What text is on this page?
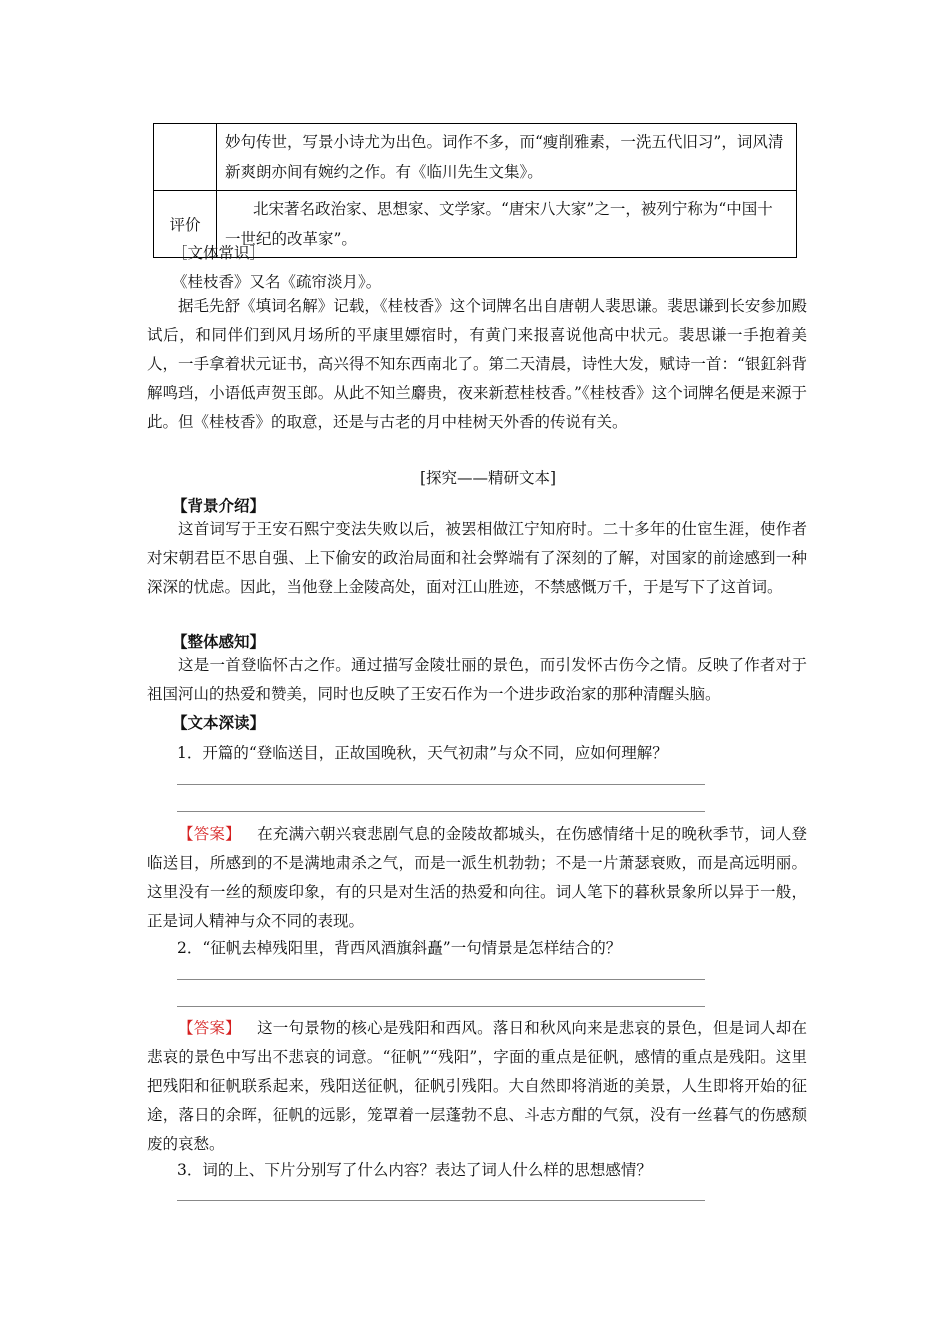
	妙句传世，写景小诗尤为出色。词作不多，而“瘦削雅素，一洗五代旧习”，词风清新爽朗亦间有婉约之作。有《临川先生文集》。
评价	北宋著名政治家、思想家、文学家。“唐宋八大家”之一，被列宁称为“中国十一世纪的改革家”。
［文体常识］
《桂枝香》又名《疏帘淡月》。
据毛先舒《填词名解》记载，《桂枝香》这个词牌名出自唐朝人裴思谦。裴思谦到长安参加殿试后，和同伴们到风月场所的平康里嫖宿时，有黄门来报喜说他高中状元。裴思谦一手抱着美人，一手拿着状元证书，高兴得不知东西南北了。第二天清晨，诗性大发，赋诗一首：“银釭斜背解鸣珰，小语低声贺玉郎。从此不知兰麝贵，夜来新惹桂枝香。”《桂枝香》这个词牌名便是来源于此。但《桂枝香》的取意，还是与古老的月中桂树天外香的传说有关。
[探究——精研文本]
【背景介绍】
这首词写于王安石熙宁变法失败以后，被罢相做江宁知府时。二十多年的仕宦生涯，使作者对宋朝君臣不思自强、上下偷安的政治局面和社会弊端有了深刻的了解，对国家的前途感到一种深深的忧虑。因此，当他登上金陵高处，面对江山胜迹，不禁感慨万千，于是写下了这首词。
【整体感知】
这是一首登临怀古之作。通过描写金陵壮丽的景色，而引发怀古伤今之情。反映了作者对于祖国河山的热爱和赞美，同时也反映了王安石作为一个进步政治家的那种清醒头脑。
【文本深读】
1．开篇的“登临送目，正故国晚秋，天气初肃”与众不同，应如何理解？
【答案】 在充满六朝兴衰悲剧气息的金陵故都城头，在伤感情绪十足的晚秋季节，词人登临送目，所感到的不是满地肃杀之气，而是一派生机勃勃；不是一片萧瑟衰败，而是高远明丽。这里没有一丝的颓废印象，有的只是对生活的热爱和向往。词人笔下的暮秋景象所以异于一般，正是词人精神与众不同的表现。
2．“征帆去棹残阳里，背西风酒旗斜矗”一句情景是怎样结合的？
【答案】 这一句景物的核心是残阳和西风。落日和秋风向来是悲哀的景色，但是词人却在悲哀的景色中写出不悲哀的词意。“征帆”“残阳”，字面的重点是征帆，感情的重点是残阳。这里把残阳和征帆联系起来，残阳送征帆，征帆引残阳。大自然即将消逝的美景，人生即将开始的征途，落日的余晖，征帆的远影，笼罩着一层蓬勃不息、斗志方酣的气氛，没有一丝暮气的伤感颓废的哀愁。
3．词的上、下片分别写了什么内容？表达了词人什么样的思想感情？
